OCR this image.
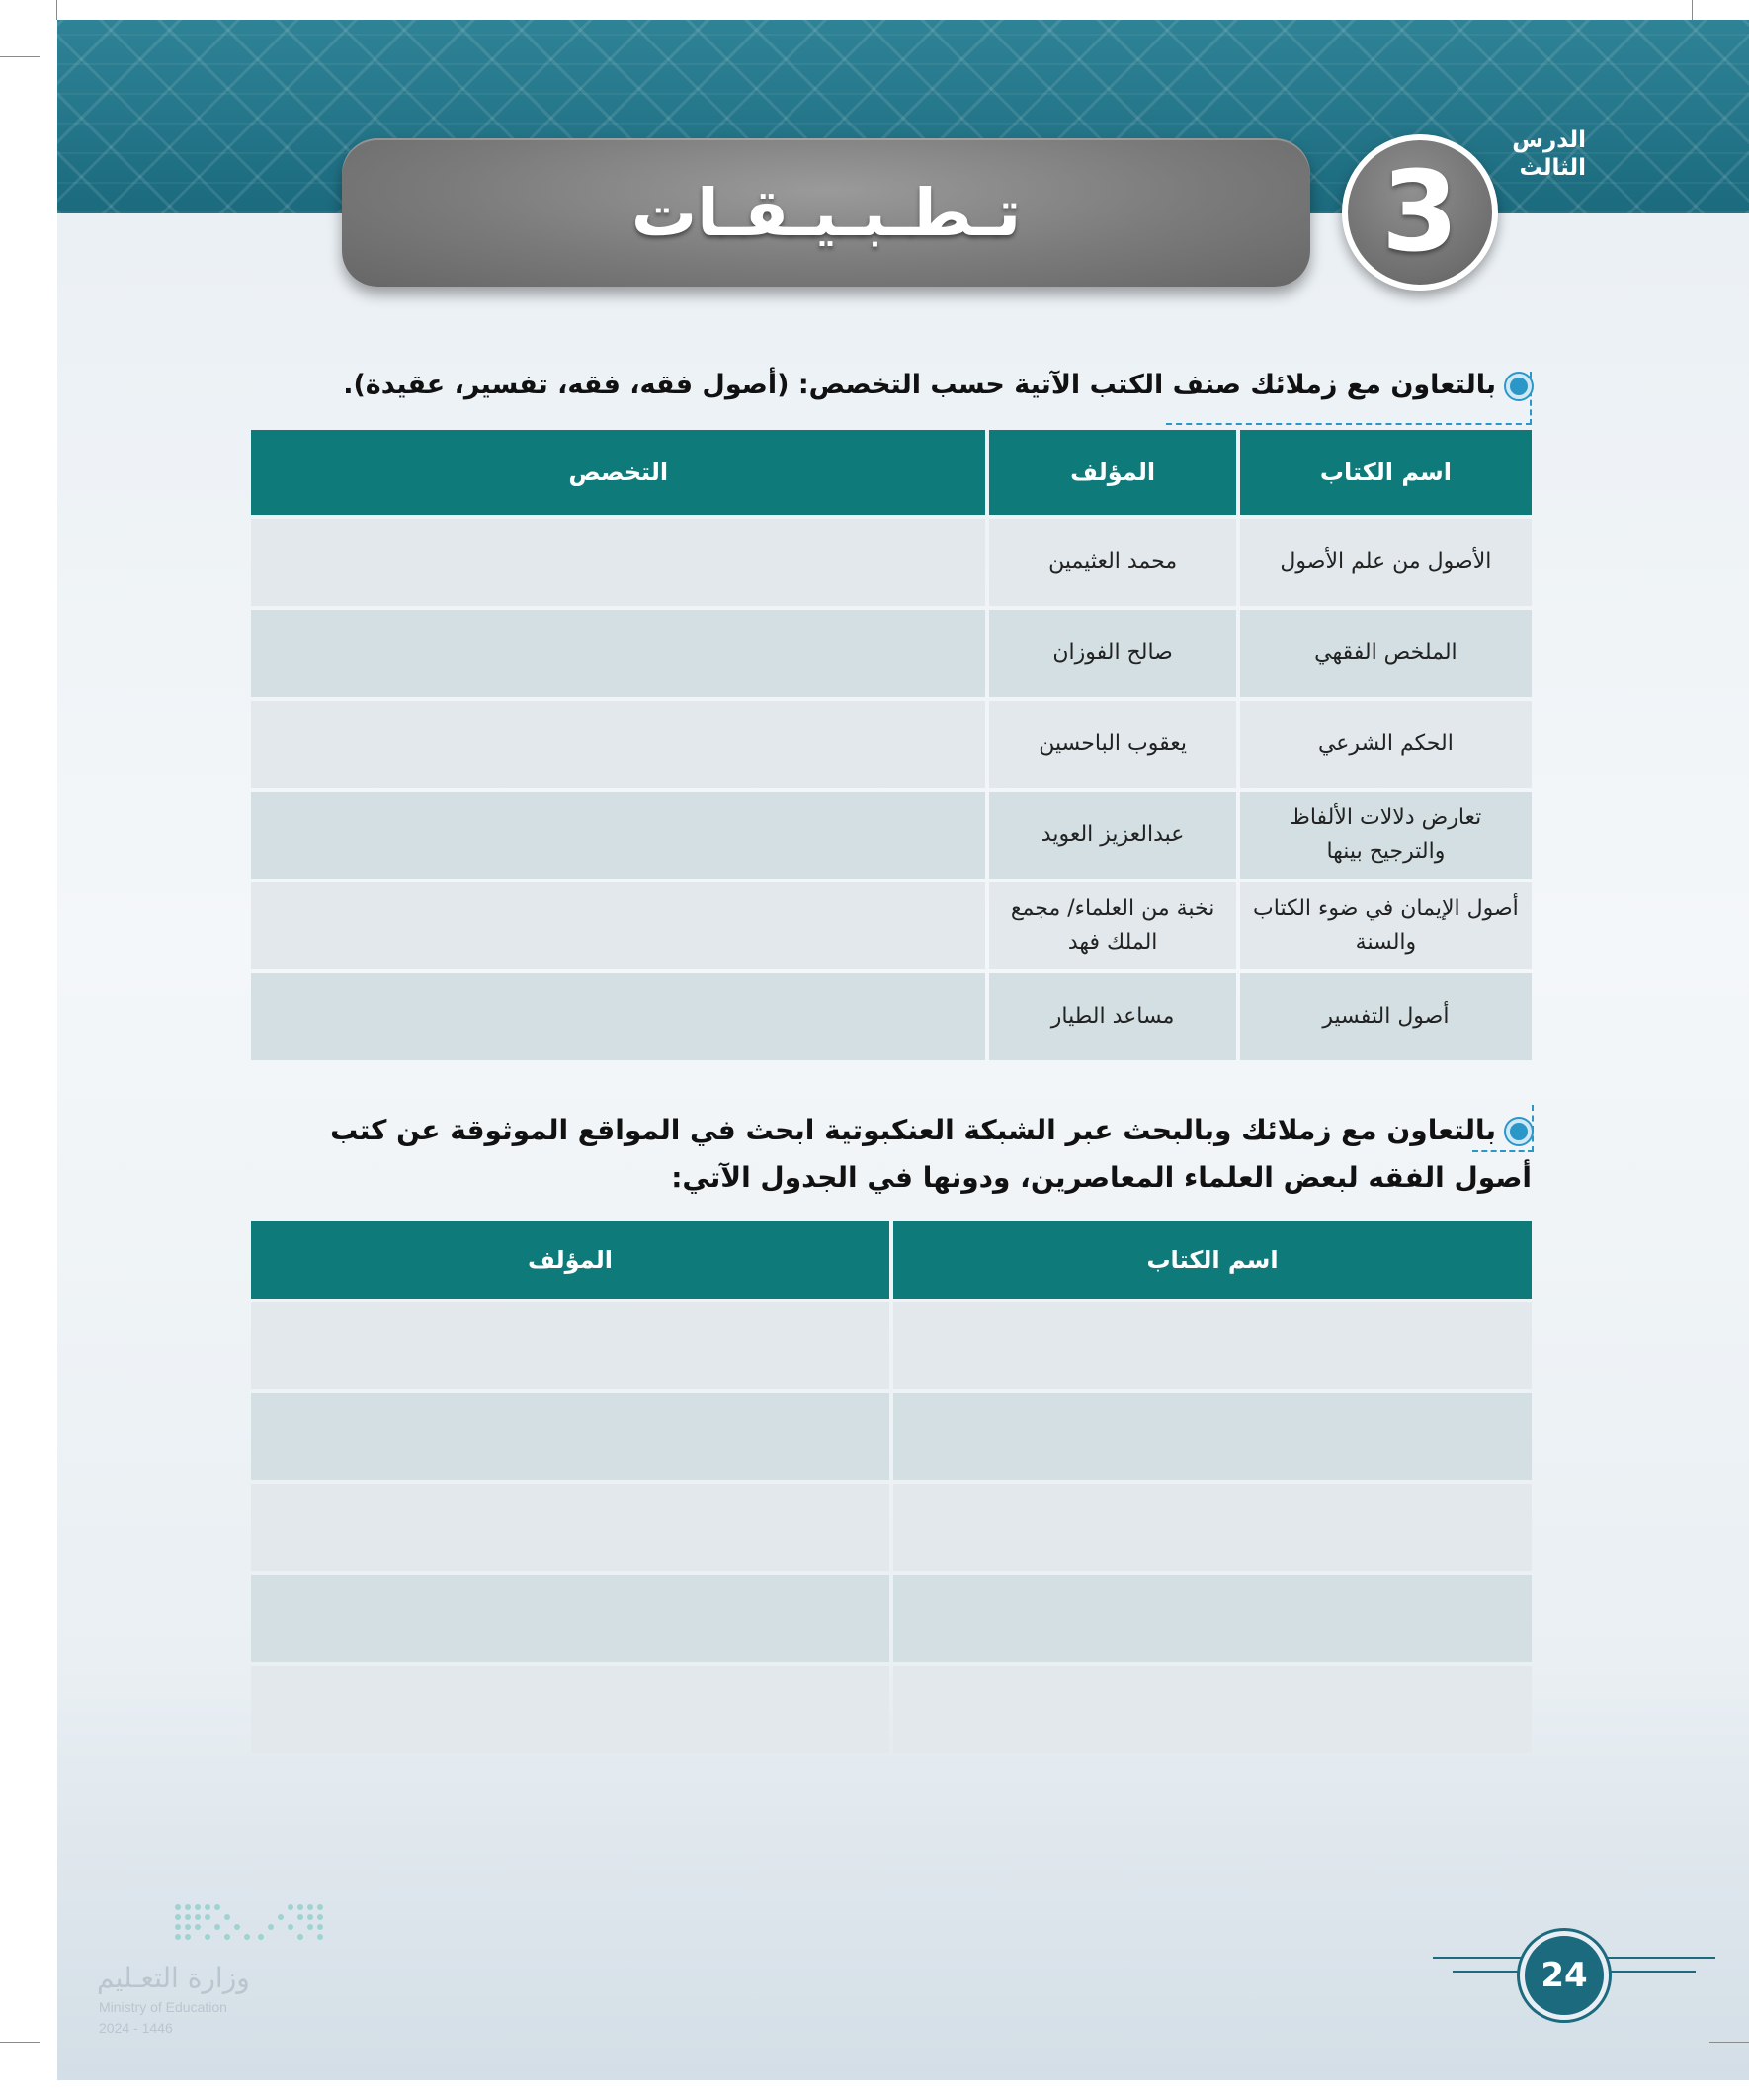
تـطـبـيـقـات	3
الدرس
الثالث
بالتعاون مع زملائك صنف الكتب الآتية حسب التخصص: (أصول فقه، فقه، تفسير، عقيدة).
اسم الكتاب	المؤلف	التخصص
الأصول من علم الأصول	محمد العثيمين	
الملخص الفقهي	صالح الفوزان	
الحكم الشرعي	يعقوب الباحسين	
تعارض دلالات الألفاظ والترجيح بينها	عبدالعزيز العويد	
أصول الإيمان في ضوء الكتاب والسنة	نخبة من العلماء/ مجمع الملك فهد	
أصول التفسير	مساعد الطيار	
بالتعاون مع زملائك وبالبحث عبر الشبكة العنكبوتية ابحث في المواقع الموثوقة عن كتب أصول الفقه لبعض العلماء المعاصرين، ودونها في الجدول الآتي:
اسم الكتاب	المؤلف

وزارة التعـليم
Ministry of Education
2024 - 1446
24
